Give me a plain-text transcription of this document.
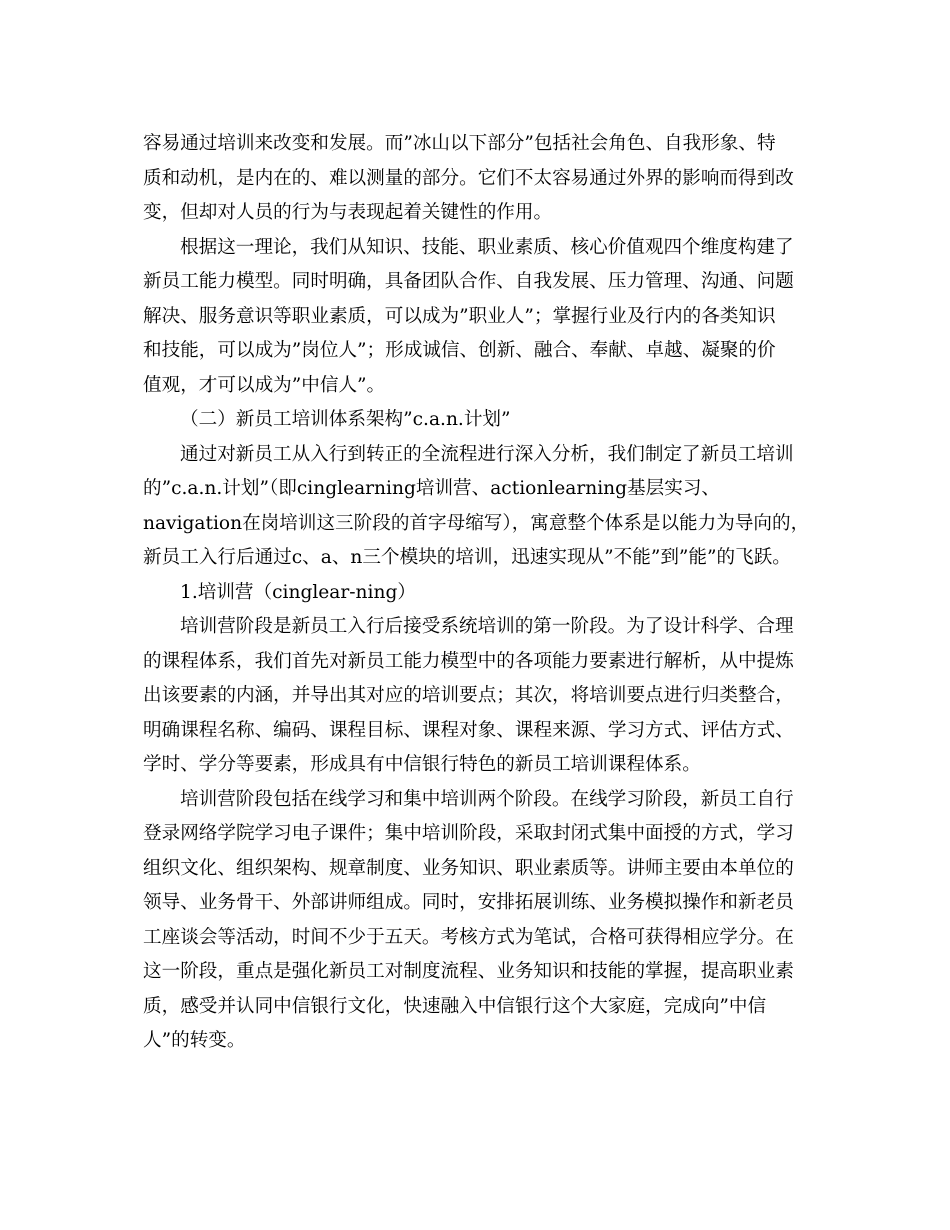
容易通过培训来改变和发展。而”冰山以下部分”包括社会角色、自我形象、特
质和动机，是内在的、难以测量的部分。它们不太容易通过外界的影响而得到改
变，但却对人员的行为与表现起着关键性的作用。
根据这一理论，我们从知识、技能、职业素质、核心价值观四个维度构建了
新员工能力模型。同时明确，具备团队合作、自我发展、压力管理、沟通、问题
解决、服务意识等职业素质，可以成为”职业人”；掌握行业及行内的各类知识
和技能，可以成为”岗位人”；形成诚信、创新、融合、奉献、卓越、凝聚的价
值观，才可以成为”中信人”。
（二）新员工培训体系架构”c.a.n.计划”
通过对新员工从入行到转正的全流程进行深入分析，我们制定了新员工培训
的”c.a.n.计划”（即cinglearning培训营、actionlearning基层实习、
navigation在岗培训这三阶段的首字母缩写），寓意整个体系是以能力为导向的，
新员工入行后通过c、a、n三个模块的培训，迅速实现从”不能”到”能”的飞跃。
1.培训营（cinglear-ning）
培训营阶段是新员工入行后接受系统培训的第一阶段。为了设计科学、合理
的课程体系，我们首先对新员工能力模型中的各项能力要素进行解析，从中提炼
出该要素的内涵，并导出其对应的培训要点；其次，将培训要点进行归类整合，
明确课程名称、编码、课程目标、课程对象、课程来源、学习方式、评估方式、
学时、学分等要素，形成具有中信银行特色的新员工培训课程体系。
培训营阶段包括在线学习和集中培训两个阶段。在线学习阶段，新员工自行
登录网络学院学习电子课件；集中培训阶段，采取封闭式集中面授的方式，学习
组织文化、组织架构、规章制度、业务知识、职业素质等。讲师主要由本单位的
领导、业务骨干、外部讲师组成。同时，安排拓展训练、业务模拟操作和新老员
工座谈会等活动，时间不少于五天。考核方式为笔试，合格可获得相应学分。在
这一阶段，重点是强化新员工对制度流程、业务知识和技能的掌握，提高职业素
质，感受并认同中信银行文化，快速融入中信银行这个大家庭，完成向”中信
人”的转变。
